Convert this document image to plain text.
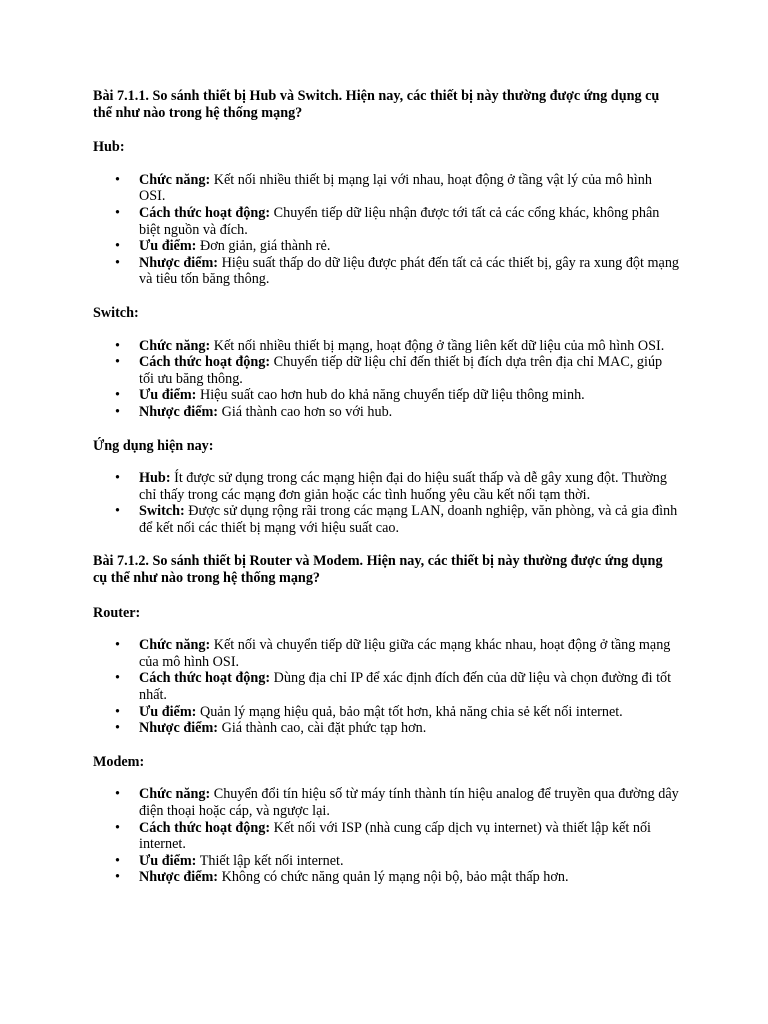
Bài 7.1.1. So sánh thiết bị Hub và Switch. Hiện nay, các thiết bị này thường được ứng dụng cụ thể như nào trong hệ thống mạng?

Hub:

• Chức năng: Kết nối nhiều thiết bị mạng lại với nhau, hoạt động ở tầng vật lý của mô hình OSI.
• Cách thức hoạt động: Chuyển tiếp dữ liệu nhận được tới tất cả các cổng khác, không phân biệt nguồn và đích.
• Ưu điểm: Đơn giản, giá thành rẻ.
• Nhược điểm: Hiệu suất thấp do dữ liệu được phát đến tất cả các thiết bị, gây ra xung đột mạng và tiêu tốn băng thông.

Switch:

• Chức năng: Kết nối nhiều thiết bị mạng, hoạt động ở tầng liên kết dữ liệu của mô hình OSI.
• Cách thức hoạt động: Chuyển tiếp dữ liệu chỉ đến thiết bị đích dựa trên địa chỉ MAC, giúp tối ưu băng thông.
• Ưu điểm: Hiệu suất cao hơn hub do khả năng chuyển tiếp dữ liệu thông minh.
• Nhược điểm: Giá thành cao hơn so với hub.

Ứng dụng hiện nay:

• Hub: Ít được sử dụng trong các mạng hiện đại do hiệu suất thấp và dễ gây xung đột. Thường chỉ thấy trong các mạng đơn giản hoặc các tình huống yêu cầu kết nối tạm thời.
• Switch: Được sử dụng rộng rãi trong các mạng LAN, doanh nghiệp, văn phòng, và cả gia đình để kết nối các thiết bị mạng với hiệu suất cao.

Bài 7.1.2. So sánh thiết bị Router và Modem. Hiện nay, các thiết bị này thường được ứng dụng cụ thể như nào trong hệ thống mạng?

Router:

• Chức năng: Kết nối và chuyển tiếp dữ liệu giữa các mạng khác nhau, hoạt động ở tầng mạng của mô hình OSI.
• Cách thức hoạt động: Dùng địa chỉ IP để xác định đích đến của dữ liệu và chọn đường đi tốt nhất.
• Ưu điểm: Quản lý mạng hiệu quả, bảo mật tốt hơn, khả năng chia sẻ kết nối internet.
• Nhược điểm: Giá thành cao, cài đặt phức tạp hơn.

Modem:

• Chức năng: Chuyển đổi tín hiệu số từ máy tính thành tín hiệu analog để truyền qua đường dây điện thoại hoặc cáp, và ngược lại.
• Cách thức hoạt động: Kết nối với ISP (nhà cung cấp dịch vụ internet) và thiết lập kết nối internet.
• Ưu điểm: Thiết lập kết nối internet.
• Nhược điểm: Không có chức năng quản lý mạng nội bộ, bảo mật thấp hơn.
